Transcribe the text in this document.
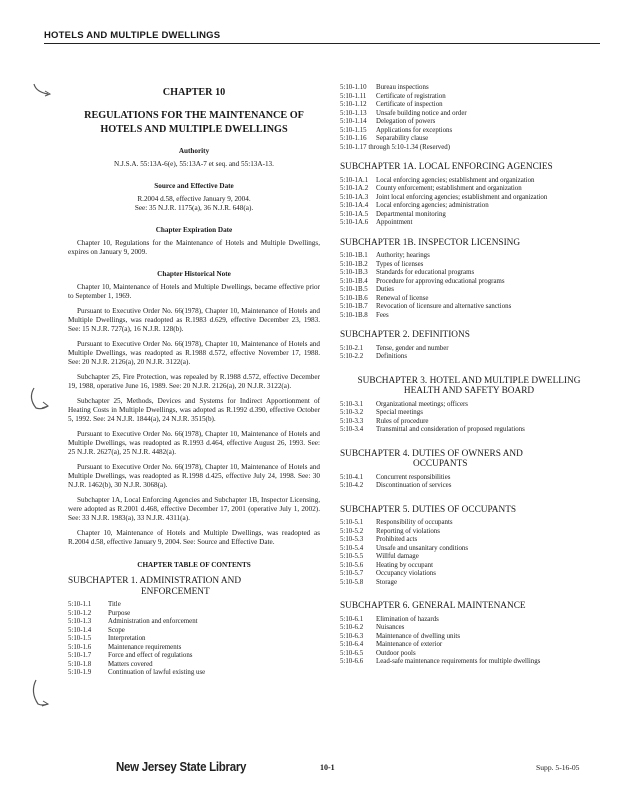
HOTELS AND MULTIPLE DWELLINGS

CHAPTER 10

REGULATIONS FOR THE MAINTENANCE OF
HOTELS AND MULTIPLE DWELLINGS

Authority

N.J.S.A. 55:13A-6(e), 55:13A-7 et seq. and 55:13A-13.

Source and Effective Date

R.2004 d.58, effective January 9, 2004.
See: 35 N.J.R. 1175(a), 36 N.J.R. 648(a).

Chapter Expiration Date

Chapter 10, Regulations for the Maintenance of Hotels and Multiple Dwellings, expires on January 9, 2009.

Chapter Historical Note

Chapter 10, Maintenance of Hotels and Multiple Dwellings, became effective prior to September 1, 1969.

Pursuant to Executive Order No. 66(1978), Chapter 10, Maintenance of Hotels and Multiple Dwellings, was readopted as R.1983 d.629, effective December 23, 1983. See: 15 N.J.R. 727(a), 16 N.J.R. 128(b).

Pursuant to Executive Order No. 66(1978), Chapter 10, Maintenance of Hotels and Multiple Dwellings, was readopted as R.1988 d.572, effective November 17, 1988. See: 20 N.J.R. 2126(a), 20 N.J.R. 3122(a).

Subchapter 25, Fire Protection, was repealed by R.1988 d.572, effective December 19, 1988, operative June 16, 1989. See: 20 N.J.R. 2126(a), 20 N.J.R. 3122(a).

Subchapter 25, Methods, Devices and Systems for Indirect Apportionment of Heating Costs in Multiple Dwellings, was adopted as R.1992 d.390, effective October 5, 1992. See: 24 N.J.R. 1844(a), 24 N.J.R. 3515(b).

Pursuant to Executive Order No. 66(1978), Chapter 10, Maintenance of Hotels and Multiple Dwellings, was readopted as R.1993 d.464, effective August 26, 1993. See: 25 N.J.R. 2627(a), 25 N.J.R. 4482(a).

Pursuant to Executive Order No. 66(1978), Chapter 10, Maintenance of Hotels and Multiple Dwellings, was readopted as R.1998 d.425, effective July 24, 1998. See: 30 N.J.R. 1462(b), 30 N.J.R. 3068(a).

Subchapter 1A, Local Enforcing Agencies and Subchapter 1B, Inspector Licensing, were adopted as R.2001 d.468, effective December 17, 2001 (operative July 1, 2002). See: 33 N.J.R. 1983(a), 33 N.J.R. 4311(a).

Chapter 10, Maintenance of Hotels and Multiple Dwellings, was readopted as R.2004 d.58, effective January 9, 2004. See: Source and Effective Date.

CHAPTER TABLE OF CONTENTS

SUBCHAPTER 1. ADMINISTRATION AND
ENFORCEMENT

5:10-1.1	Title
5:10-1.2	Purpose
5:10-1.3	Administration and enforcement
5:10-1.4	Scope
5:10-1.5	Interpretation
5:10-1.6	Maintenance requirements
5:10-1.7	Force and effect of regulations
5:10-1.8	Matters covered
5:10-1.9	Continuation of lawful existing use
5:10-1.10	Bureau inspections
5:10-1.11	Certificate of registration
5:10-1.12	Certificate of inspection
5:10-1.13	Unsafe building notice and order
5:10-1.14	Delegation of powers
5:10-1.15	Applications for exceptions
5:10-1.16	Separability clause
5:10-1.17 through 5:10-1.34 (Reserved)

SUBCHAPTER 1A. LOCAL ENFORCING AGENCIES

5:10-1A.1	Local enforcing agencies; establishment and organization
5:10-1A.2	County enforcement; establishment and organization
5:10-1A.3	Joint local enforcing agencies; establishment and organization
5:10-1A.4	Local enforcing agencies; administration
5:10-1A.5	Departmental monitoring
5:10-1A.6	Appointment

SUBCHAPTER 1B. INSPECTOR LICENSING

5:10-1B.1	Authority; hearings
5:10-1B.2	Types of licenses
5:10-1B.3	Standards for educational programs
5:10-1B.4	Procedure for approving educational programs
5:10-1B.5	Duties
5:10-1B.6	Renewal of license
5:10-1B.7	Revocation of licensure and alternative sanctions
5:10-1B.8	Fees

SUBCHAPTER 2. DEFINITIONS

5:10-2.1	Tense, gender and number
5:10-2.2	Definitions

SUBCHAPTER 3. HOTEL AND MULTIPLE DWELLING
HEALTH AND SAFETY BOARD

5:10-3.1	Organizational meetings; officers
5:10-3.2	Special meetings
5:10-3.3	Rules of procedure
5:10-3.4	Transmittal and consideration of proposed regulations

SUBCHAPTER 4. DUTIES OF OWNERS AND
OCCUPANTS

5:10-4.1	Concurrent responsibilities
5:10-4.2	Discontinuation of services

SUBCHAPTER 5. DUTIES OF OCCUPANTS

5:10-5.1	Responsibility of occupants
5:10-5.2	Reporting of violations
5:10-5.3	Prohibited acts
5:10-5.4	Unsafe and unsanitary conditions
5:10-5.5	Willful damage
5:10-5.6	Heating by occupant
5:10-5.7	Occupancy violations
5:10-5.8	Storage

SUBCHAPTER 6. GENERAL MAINTENANCE

5:10-6.1	Elimination of hazards
5:10-6.2	Nuisances
5:10-6.3	Maintenance of dwelling units
5:10-6.4	Maintenance of exterior
5:10-6.5	Outdoor pools
5:10-6.6	Lead-safe maintenance requirements for multiple dwellings
New Jersey State Library	10-1	Supp. 5-16-05
